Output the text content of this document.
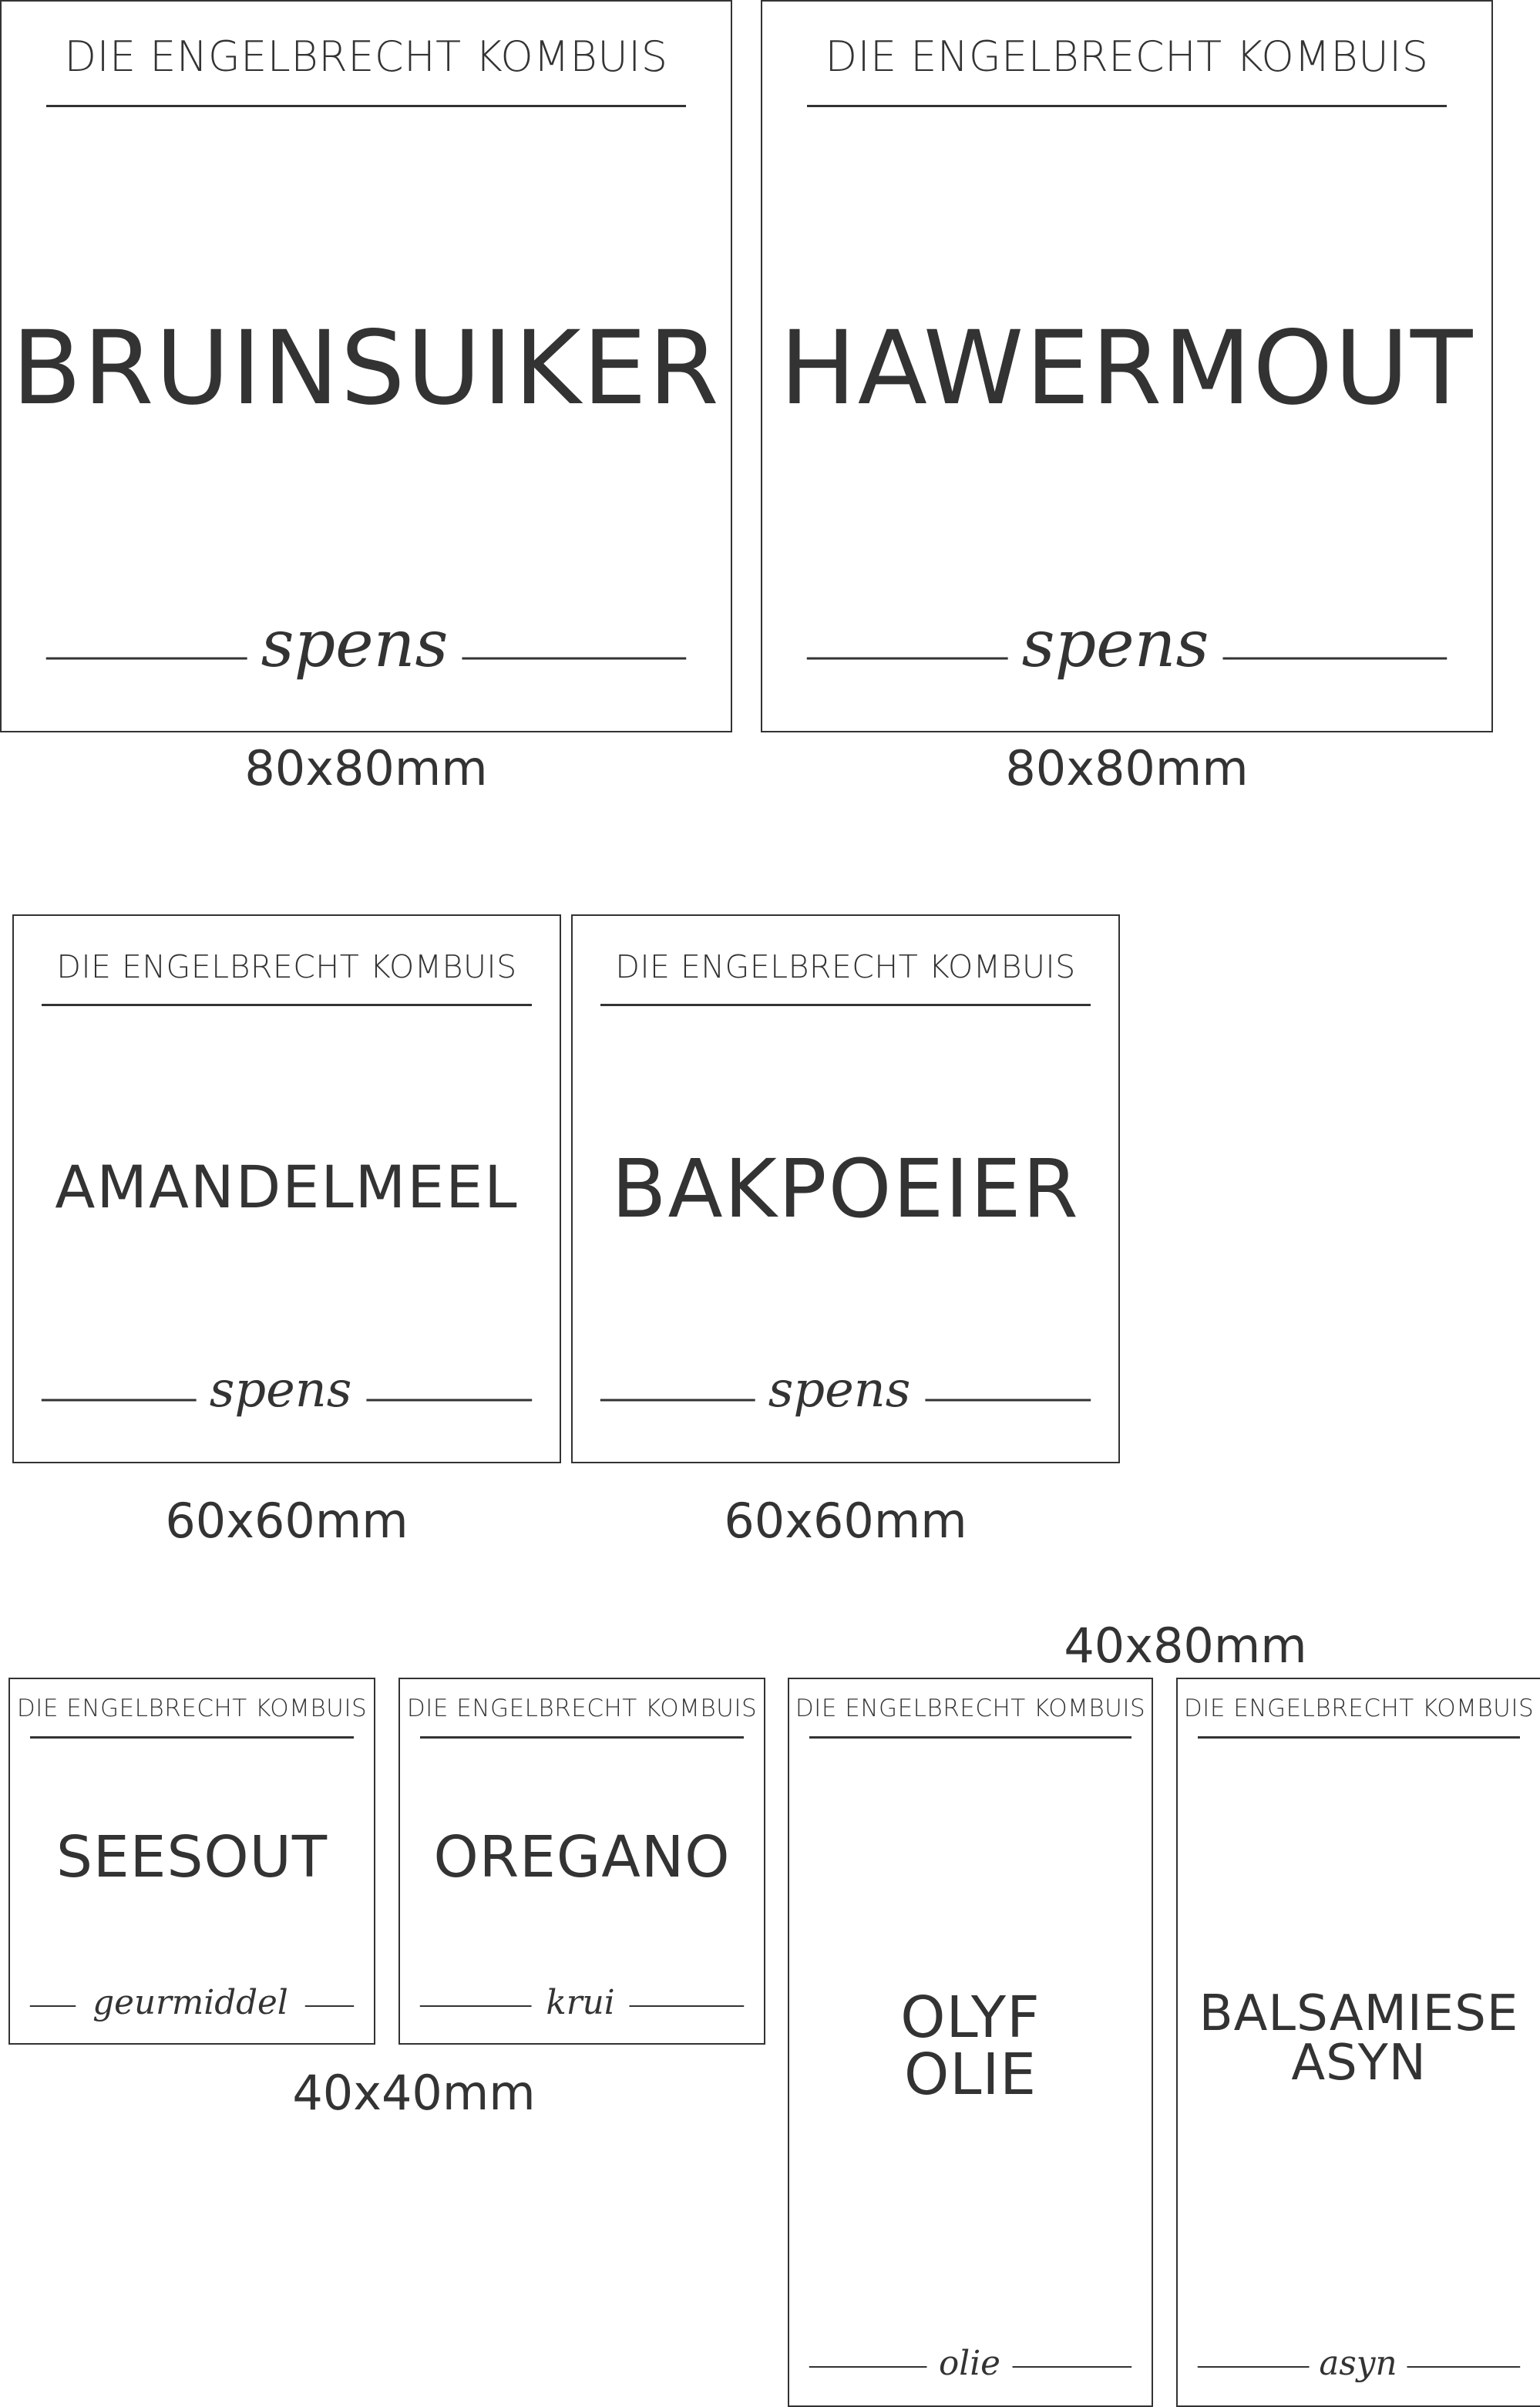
DIE ENGELBRECHT KOMBUIS
BRUINSUIKER
spens
DIE ENGELBRECHT KOMBUIS
HAWERMOUT
spens
80x80mm	80x80mm
DIE ENGELBRECHT KOMBUIS
AMANDELMEEL
spens
DIE ENGELBRECHT KOMBUIS
BAKPOEIER
spens
60x60mm	60x60mm
40x80mm
DIE ENGELBRECHT KOMBUIS
SEESOUT
geurmiddel
DIE ENGELBRECHT KOMBUIS
OREGANO
krui
DIE ENGELBRECHT KOMBUIS
OLYF
OLIE
olie
DIE ENGELBRECHT KOMBUIS
BALSAMIESE
ASYN
asyn
40x40mm
